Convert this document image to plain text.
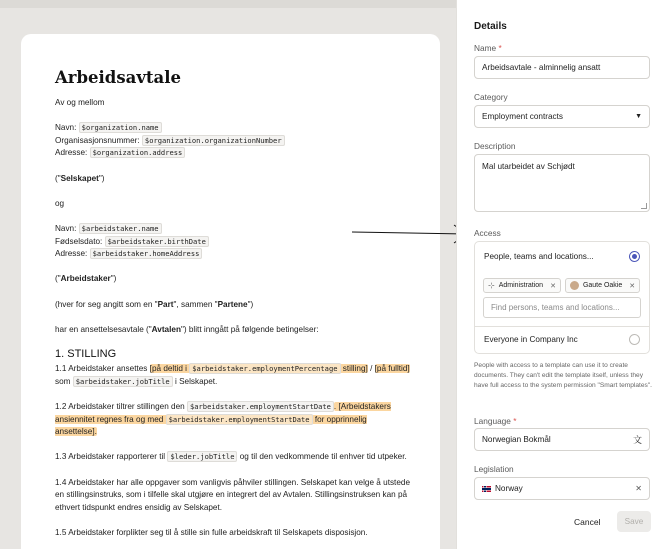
Arbeidsavtale

Av og mellom

Navn: $organization.name

Organisasjonsnummer: $organization.organizationNumber

Adresse: $organization.address

("Selskapet")

og

Navn: $arbeidstaker.name

Fødselsdato: $arbeidstaker.birthDate

Adresse: $arbeidstaker.homeAddress

("Arbeidstaker")

(hver for seg angitt som en "Part", sammen "Partene")

har en ansettelsesavtale ("Avtalen") blitt inngått på følgende betingelser:

1. STILLING

1.1 Arbeidstaker ansettes [på deltid i $arbeidstaker.employmentPercentage stilling] / [på fulltid]
som $arbeidstaker.jobTitle i Selskapet.

1.2 Arbeidstaker tiltrer stillingen den $arbeidstaker.employmentStartDate . [Arbeidstakers ansiennitet regnes fra og med $arbeidstaker.employmentStartDate for opprinnelig ansettelse].

1.3 Arbeidstaker rapporterer til $leder.jobTitle og til den vedkommende til enhver tid utpeker.

1.4 Arbeidstaker har alle oppgaver som vanligvis påhviler stillingen. Selskapet kan velge å utstede en stillingsinstruks, som i tilfelle skal utgjøre en integrert del av Avtalen. Stillingsinstruksen kan på ethvert tidspunkt endres ensidig av Selskapet.

1.5 Arbeidstaker forplikter seg til å stille sin fulle arbeidskraft til Selskapets disposisjon.

Details
Name *
Arbeidsavtale - alminnelig ansatt
Category
Employment contracts	▼
Description
Mal utarbeidet av Schjødt
Access
People, teams and locations...
⊹ Administration ✕	Gaute Oakie ✕
Find persons, teams and locations...
Everyone in Company Inc
People with access to a template can use it to create documents. They can't edit the template itself, unless they have full access to the system permission "Smart templates".
Language *
Norwegian Bokmål	文
Legislation
Norway	✕
Cancel	Save
